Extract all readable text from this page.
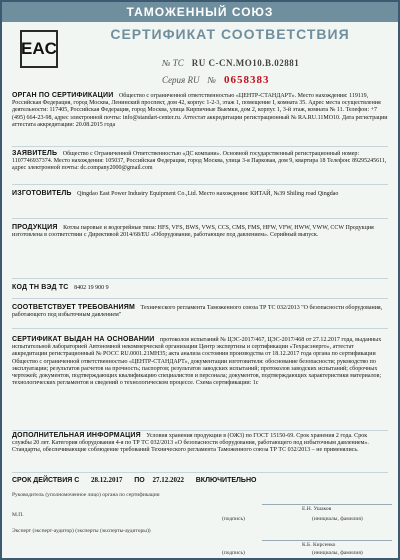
ТАМОЖЕННЫЙ СОЮЗ
EAC
СЕРТИФИКАТ СООТВЕТСТВИЯ
№ ТС RU C-CN.MO10.B.02881
Серия RU № 0658383
ОРГАН ПО СЕРТИФИКАЦИИ Общество с ограниченной ответственностью «ЦЕНТР-СТАНДАРТ». Место нахождения: 119119, Российская Федерация, город Москва, Ленинский проспект, дом 42, корпус 1-2-3, этаж 1, помещение I, комната 35. Адрес места осуществления деятельности: 117405, Российская Федерация, город Москва, улица Кирпичные Выемки, дом 2, корпус 1, 3-й этаж, комната № 11. Телефон: +7 (495) 664-23-98, адрес электронной почты: info@standart-center.ru. Аттестат аккредитации регистрационный № RA.RU.11MO10. Дата регистрации аттестата аккредитации: 20.08.2015 года
ЗАЯВИТЕЛЬ Общество с Ограниченной Ответственностью «ДС компани». Основной государственный регистрационный номер: 1107746937374. Место нахождения: 105037, Российская Федерация, город Москва, улица 3-я Парковая, дом 9, квартира 18 Телефон: 89295245611, адрес электронной почты: dc.company2000@gmail.com
ИЗГОТОВИТЕЛЬ Qingdao East Power Industry Equipment Co.,Ltd. Место нахождения: КИТАЙ, №39 Shiling road Qingdao
ПРОДУКЦИЯ Котлы паровые и водогрейные типа: HFS, VFS, BWS, VWS, CCS, CMS, FMS, HFW, VFW, HWW, VWW, CCW Продукция изготовлена в соответствии с Директивой 2014/68/EU «Оборудование, работающее под давлением». Серийный выпуск.
КОД ТН ВЭД ТС 8402 19 900 9
СООТВЕТСТВУЕТ ТРЕБОВАНИЯМ Технического регламента Таможенного союза ТР ТС 032/2013 "О безопасности оборудования, работающего под избыточным давлением"
СЕРТИФИКАТ ВЫДАН НА ОСНОВАНИИ протоколов испытаний № ЦЭС-2017/467, ЦЭС-2017/468 от 27.12.2017 года, выданных испытательной лабораторией Автономной некоммерческой организации Центр экспертизы и сертификации «Техрасэнерго», аттестат аккредитации регистрационный № РОСС RU.0001.21МН35; акта анализа состояния производства от 18.12.2017 года органа по сертификации Общество с ограниченной ответственностью «ЦЕНТР-СТАНДАРТ», документации изготовителя: обоснование безопасности; руководство по эксплуатации; результатов расчетов на прочность; паспортов; результатов заводских испытаний; протоколов заводских испытаний; сборочных чертежей; документов, подтверждающих квалификацию специалистов и персонала; документов, подтверждающих характеристики материалов; технологических регламентов и сведений о технологическом процессе. Схема сертификации: 1с
ДОПОЛНИТЕЛЬНАЯ ИНФОРМАЦИЯ Условия хранения продукции в (ОЖ3) по ГОСТ 15150-69. Срок хранения 2 года. Срок службы 20 лет. Категория оборудования 4-я по ТР ТС 032/2013 «О безопасности оборудования, работающего под избыточным давлением». Стандарты, обеспечивающие соблюдение требований Технического регламента Таможенного союза ТР ТС 032/2013 – не применялись.
СРОК ДЕЙСТВИЯ С 28.12.2017 ПО 27.12.2022 ВКЛЮЧИТЕЛЬНО
Руководитель (уполномоченное лицо) органа по сертификации
М.П.
Е.Н. Ушаков
(подпись)	(инициалы, фамилия)
Эксперт (эксперт-аудитор) (эксперты (эксперты-аудиторы))
К.Б. Кирсенко
(подпись)	(инициалы, фамилия)
